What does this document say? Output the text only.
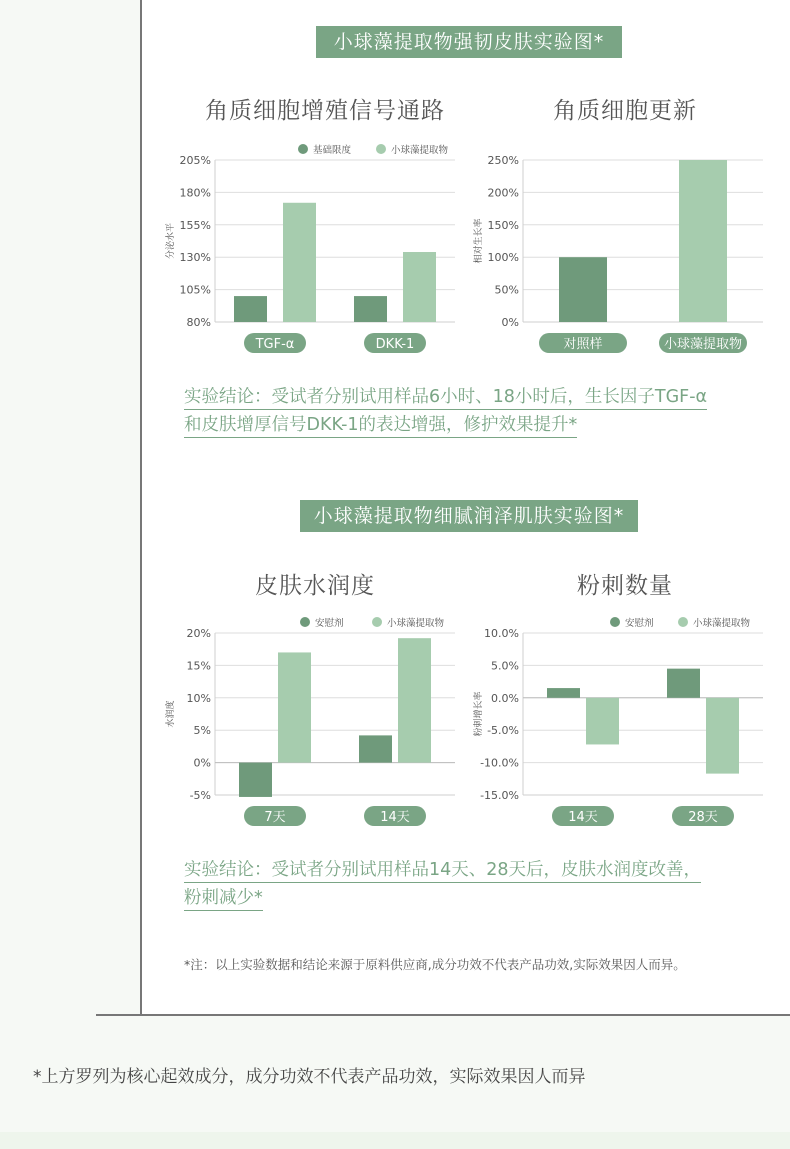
小球藻提取物强韧皮肤实验图*
角质细胞增殖信号通路	角质细胞更新
80%
105%
130%
155%
180%
205%
分泌水平
TGF-α	DKK-1
基础限度	小球藻提取物
0%
50%
100%
150%
200%
250%
相对生长率
对照样	小球藻提取物
实验结论：受试者分别试用样品6小时、18小时后，生长因子TGF-α
和皮肤增厚信号DKK-1的表达增强，修护效果提升*
小球藻提取物细腻润泽肌肤实验图*
皮肤水润度	粉刺数量
-5%
0%
5%
10%
15%
20%
水润度
7天	14天
安慰剂	小球藻提取物
-15.0%
-10.0%
-5.0%
0.0%
5.0%
10.0%
粉刺增长率
14天	28天
安慰剂	小球藻提取物
实验结论：受试者分别试用样品14天、28天后，皮肤水润度改善，
粉刺减少*
*注：以上实验数据和结论来源于原料供应商,成分功效不代表产品功效,实际效果因人而异。
*上方罗列为核心起效成分，成分功效不代表产品功效，实际效果因人而异
